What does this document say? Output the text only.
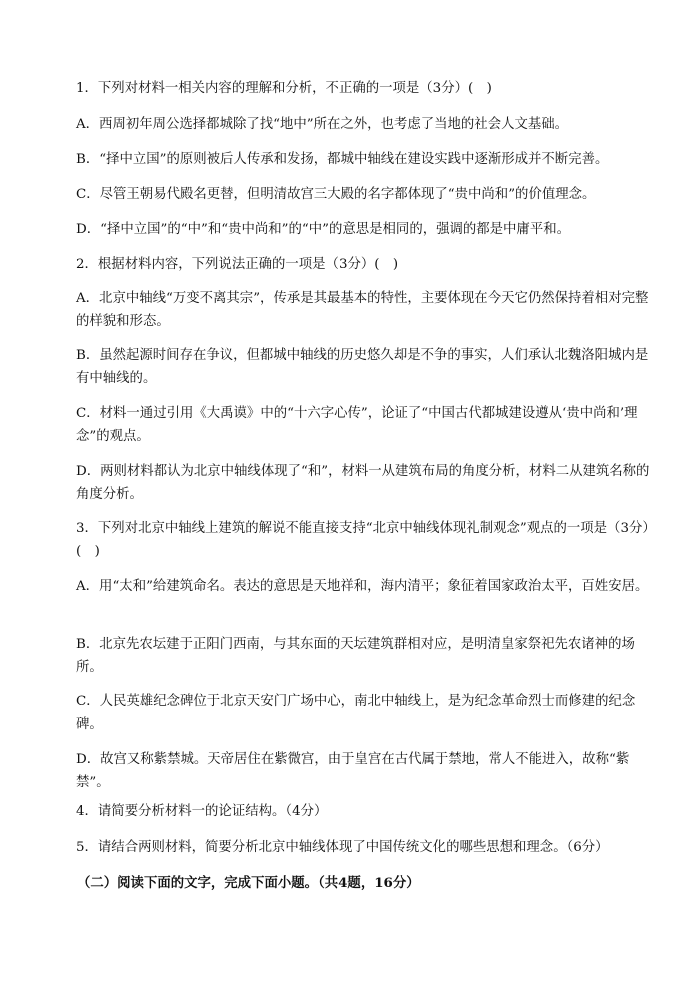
1．下列对材料一相关内容的理解和分析，不正确的一项是（3分）(　)
A．西周初年周公选择都城除了找“地中”所在之外，也考虑了当地的社会人文基础。
B．“择中立国”的原则被后人传承和发扬，都城中轴线在建设实践中逐渐形成并不断完善。
C．尽管王朝易代殿名更替，但明清故宫三大殿的名字都体现了“贵中尚和”的价值理念。
D．“择中立国”的“中”和“贵中尚和”的“中”的意思是相同的，强调的都是中庸平和。
2．根据材料内容，下列说法正确的一项是（3分）(　)
A．北京中轴线“万变不离其宗”，传承是其最基本的特性，主要体现在今天它仍然保持着相对完整的样貌和形态。
B．虽然起源时间存在争议，但都城中轴线的历史悠久却是不争的事实，人们承认北魏洛阳城内是有中轴线的。
C．材料一通过引用《大禹谟》中的“十六字心传”，论证了“中国古代都城建设遵从‘贵中尚和’理念”的观点。
D．两则材料都认为北京中轴线体现了“和”，材料一从建筑布局的角度分析，材料二从建筑名称的角度分析。
3．下列对北京中轴线上建筑的解说不能直接支持“北京中轴线体现礼制观念”观点的一项是（3分）(　)
A．用“太和”给建筑命名。表达的意思是天地祥和，海内清平；象征着国家政治太平，百姓安居。
B．北京先农坛建于正阳门西南，与其东面的天坛建筑群相对应，是明清皇家祭祀先农诸神的场所。
C．人民英雄纪念碑位于北京天安门广场中心，南北中轴线上，是为纪念革命烈士而修建的纪念碑。
D．故宫又称紫禁城。天帝居住在紫微宫，由于皇宫在古代属于禁地，常人不能进入，故称“紫禁”。
4．请简要分析材料一的论证结构。（4分）
5．请结合两则材料，简要分析北京中轴线体现了中国传统文化的哪些思想和理念。（6分）
（二）阅读下面的文字，完成下面小题。（共4题，16分）
